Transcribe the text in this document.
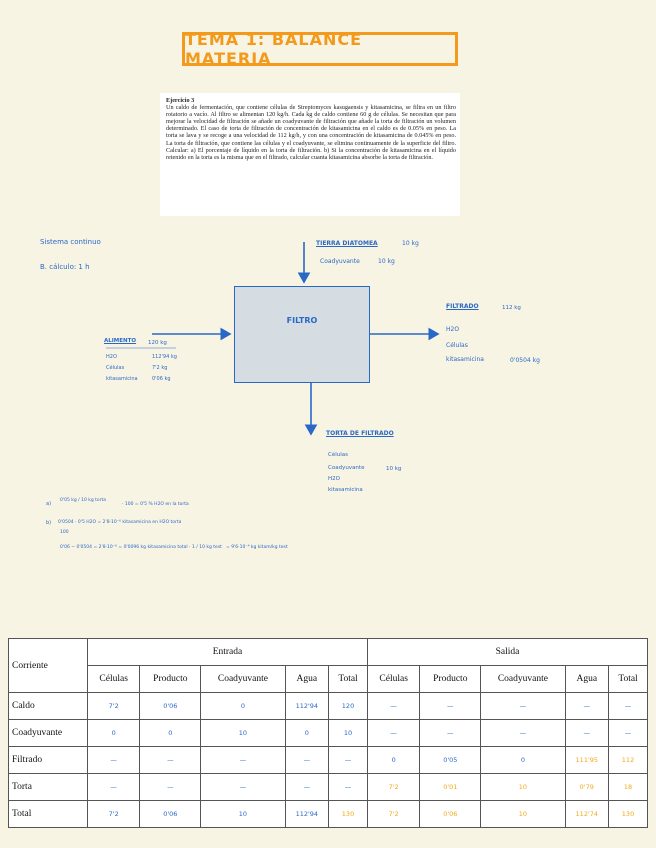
TEMA 1: BALANCE MATERIA
Ejercicio 3
Un caldo de fermentación, que contiene células de Streptomyces kasugaensis y kitasamicina, se filtra en un filtro rotatorio a vacío. Al filtro se alimentan 120 kg/h. Cada kg de caldo contiene 60 g de células. Se necesitan que para mejorar la velocidad de filtración se añade un coadyuvante de filtración que añade la torta de filtración un volumen determinado. El caso de torta de filtración de concentración de kitasamicina en el caldo es de 0.05% en peso. La torta se lava y se recoge a una velocidad de 112 kg/h, y con una concentración de kitasamicina de 0.045% en peso. La torta de filtración, que contiene las células y el coadyuvante, se elimina continuamente de la superficie del filtro. Calcular: a) El porcentaje de líquido en la torta de filtración. b) Si la concentración de kitasamicina en el líquido retenido en la torta es la misma que en el filtrado, calcular cuanta kitasamicina absorbe la torta de filtración.
Sistema continuo
B. cálculo: 1 h
TIERRA DIATOMEA	10 kg
Coadyuvante	10 kg
FILTRO
ALIMENTO 120 kg
H2O
Células
kitasamicina
112'94 kg
7'2 kg
0'06 kg
FILTRADO	112 kg
H2O
Células
kitasamicina	0'0504 kg
TORTA DE FILTRADO
Células
Coadyuvante
H2O
kitasamicina
10 kg
a)
0'05 kg / 10 kg torta
· 100 = 0'5 % H2O en la torta
b) 0'0504 · 0'5 H2O = 2'8·10⁻⁶ kitasamicina en H2O torta
100
0'06 − 0'0504 = 2'8·10⁻⁶ = 0'0096 kg kitasamicina total · 1 / 10 kg test = 9'6·10⁻⁴ kg kitam/kg test
Corriente	Entrada					Salida				
	Células	Producto	Coadyuvante	Agua	Total	Células	Producto	Coadyuvante	Agua	Total
Caldo	7'2	0'06	0	112'94	120	—	—	—	—	—
Coadyuvante	0	0	10	0	10	—	—	—	—	—
Filtrado	—	—	—	—	—	0	0'05	0	111'95	112
Torta	—	—	—	—	—	7'2	0'01	10	0'79	18
Total	7'2	0'06	10	112'94	130	7'2	0'06	10	112'74	130
